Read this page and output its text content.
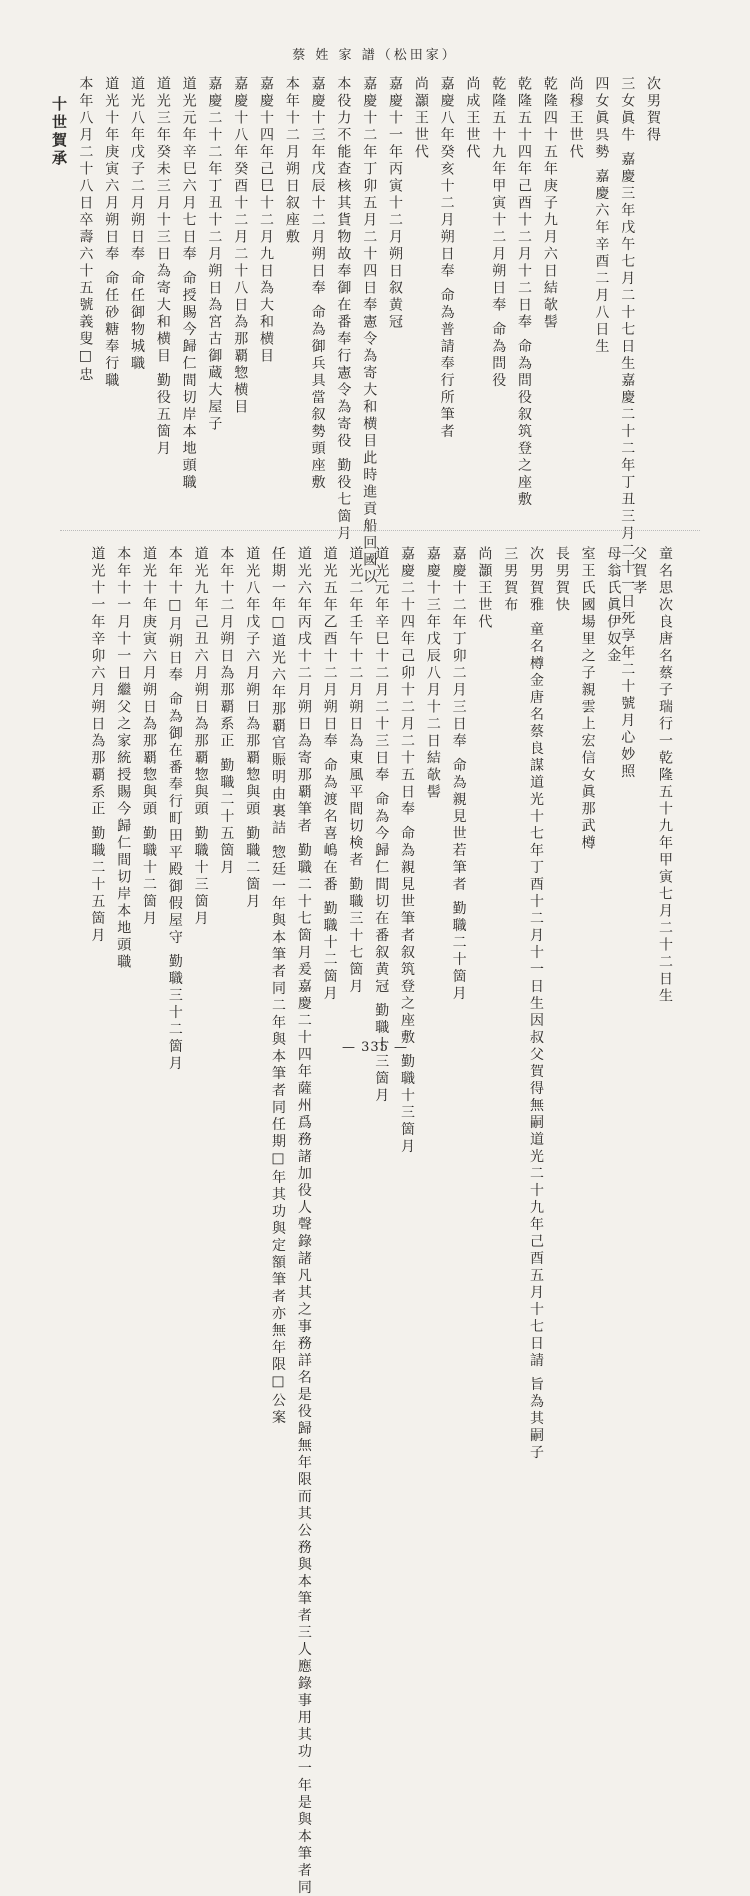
蔡 姓 家 譜（松田家）
十世賀承	次男賀得
三女眞牛 嘉慶三年戊午七月二十七日生嘉慶二十二年丁丑三月二十一日死享年二十號月心妙照
四女眞呉勢 嘉慶六年辛酉二月八日生
尚穆王世代
乾隆四十五年庚子九月六日結欹髻
乾隆五十四年己酉十二月十二日奉 命為問役叙筑登之座敷
乾隆五十九年甲寅十二月朔日奉 命為問役
尚成王世代
嘉慶八年癸亥十二月朔日奉 命為普請奉行所筆者
尚灝王世代
嘉慶十一年丙寅十二月朔日叙黄冠
嘉慶十二年丁卯五月二十四日奉憲令為寄大和横目此時進貢船回國以
本役力不能查核其貨物故奉御在番奉行憲令為寄役 勤役七箇月
嘉慶十三年戊辰十二月朔日奉 命為御兵具當叙勢頭座敷
本年十二月朔日叙座敷
嘉慶十四年己巳十二月九日為大和横目
嘉慶十八年癸酉十二月二十八日為那覇惣横目
嘉慶二十二年丁丑十二月朔日為宮古御蔵大屋子
道光元年辛巳六月七日奉 命授賜今歸仁間切岸本地頭職
道光三年癸未三月十三日為寄大和横目 勤役五箇月
道光八年戊子二月朔日奉 命任御物城職
道光十年庚寅六月朔日奉 命任砂糖奉行職
本年八月二十八日卒壽六十五號義叟□忠
童名思次良唐名蔡子瑞行一乾隆五十九年甲寅七月二十二日生
父賀孝
母翁氏眞伊奴金
室王氏國場里之子親雲上宏信女眞那武樽
長男賀快
次男賀雅 童名樽金唐名蔡良謀道光十七年丁酉十二月十一日生因叔父賀得無嗣道光二十九年己酉五月十七日請 旨為其嗣子
三男賀布
尚灝王世代
嘉慶十二年丁卯二月三日奉 命為親見世若筆者 勤職二十箇月
嘉慶十三年戊辰八月十二日結欹髻
嘉慶二十四年己卯十二月二十五日奉 命為親見世筆者叙筑登之座敷 勤職十三箇月
道光元年辛巳十二月二十三日奉 命為今歸仁間切在番叙黄冠 勤職十三箇月
道光二年壬午十二月朔日為東風平間切検者 勤職三十七箇月
道光五年乙酉十二月朔日奉 命為渡名喜嶋在番 勤職十二箇月
道光六年丙戌十二月朔日為寄那覇筆者 勤職二十七箇月爰嘉慶二十四年薩州爲務諸加役人聲錄諸凡其之事務詳名是役歸無年限而其公務與本筆者三人應錄事用其功一年是與本筆者同
任期一年□道光六年那覇官賑明由裏詰 惣廷一年與本筆者同二年與本筆者同任期□年其功與定額筆者亦無年限□公案
道光八年戊子六月朔日為那覇惣與頭 勤職二箇月
本年十二月朔日為那覇系正 勤職二十五箇月
道光九年己丑六月朔日為那覇惣與頭 勤職十三箇月
本年十□月朔日奉 命為御在番奉行町田平殿御假屋守 勤職三十二箇月
道光十年庚寅六月朔日為那覇惣與頭 勤職十二箇月
本年十一月十一日繼父之家統授賜今歸仁間切岸本地頭職
道光十一年辛卯六月朔日為那覇系正 勤職二十五箇月
— 335 —
